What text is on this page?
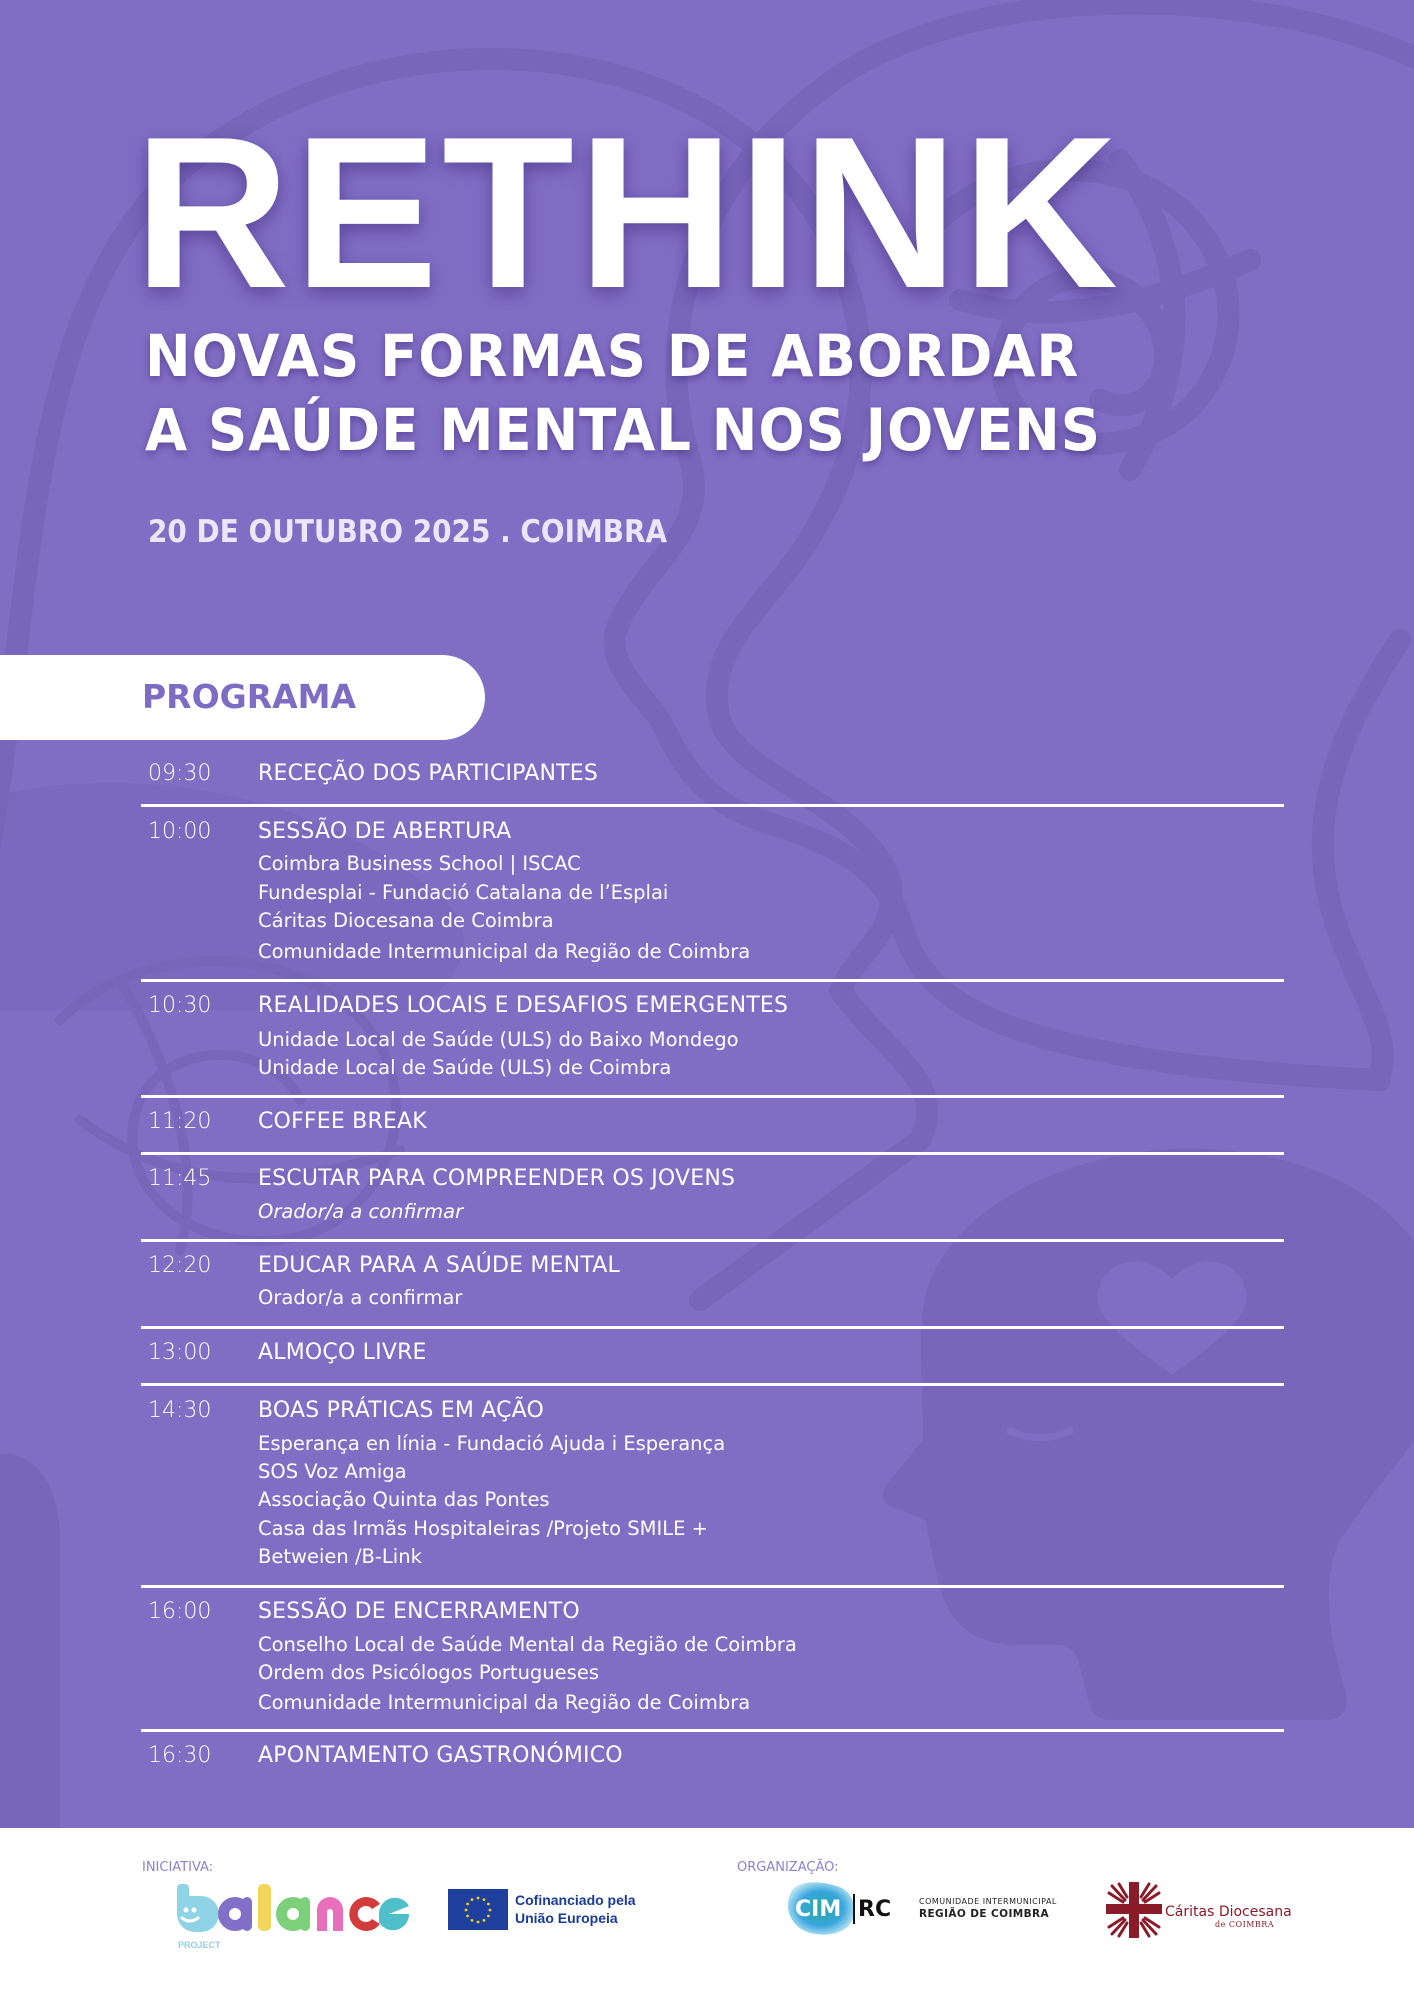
RETHINK
NOVAS FORMAS DE ABORDAR
A SAÚDE MENTAL NOS JOVENS
20 DE OUTUBRO 2025 . COIMBRA
PROGRAMA
09:30 RECEÇÃO DOS PARTICIPANTES
10:00 SESSÃO DE ABERTURA
Coimbra Business School | ISCAC
Fundesplai - Fundació Catalana de l’Esplai
Cáritas Diocesana de Coimbra
Comunidade Intermunicipal da Região de Coimbra
10:30 REALIDADES LOCAIS E DESAFIOS EMERGENTES
Unidade Local de Saúde (ULS) do Baixo Mondego
Unidade Local de Saúde (ULS) de Coimbra
11:20 COFFEE BREAK
11:45 ESCUTAR PARA COMPREENDER OS JOVENS
Orador/a a confirmar
12:20 EDUCAR PARA A SAÚDE MENTAL
Orador/a a confirmar
13:00 ALMOÇO LIVRE
14:30 BOAS PRÁTICAS EM AÇÃO
Esperança en línia - Fundació Ajuda i Esperança
SOS Voz Amiga
Associação Quinta das Pontes
Casa das Irmãs Hospitaleiras /Projeto SMILE +
Betweien /B-Link
16:00 SESSÃO DE ENCERRAMENTO
Conselho Local de Saúde Mental da Região de Coimbra
Ordem dos Psicólogos Portugueses
Comunidade Intermunicipal da Região de Coimbra
16:30 APONTAMENTO GASTRONÓMICO
INICIATIVA:	ORGANIZAÇÃO:
PROJECT
Cofinanciado pela
União Europeia	CIM RC	COMUNIDADE INTERMUNICIPAL
REGIÃO DE COIMBRA	Cáritas Diocesana
de COIMBRA
